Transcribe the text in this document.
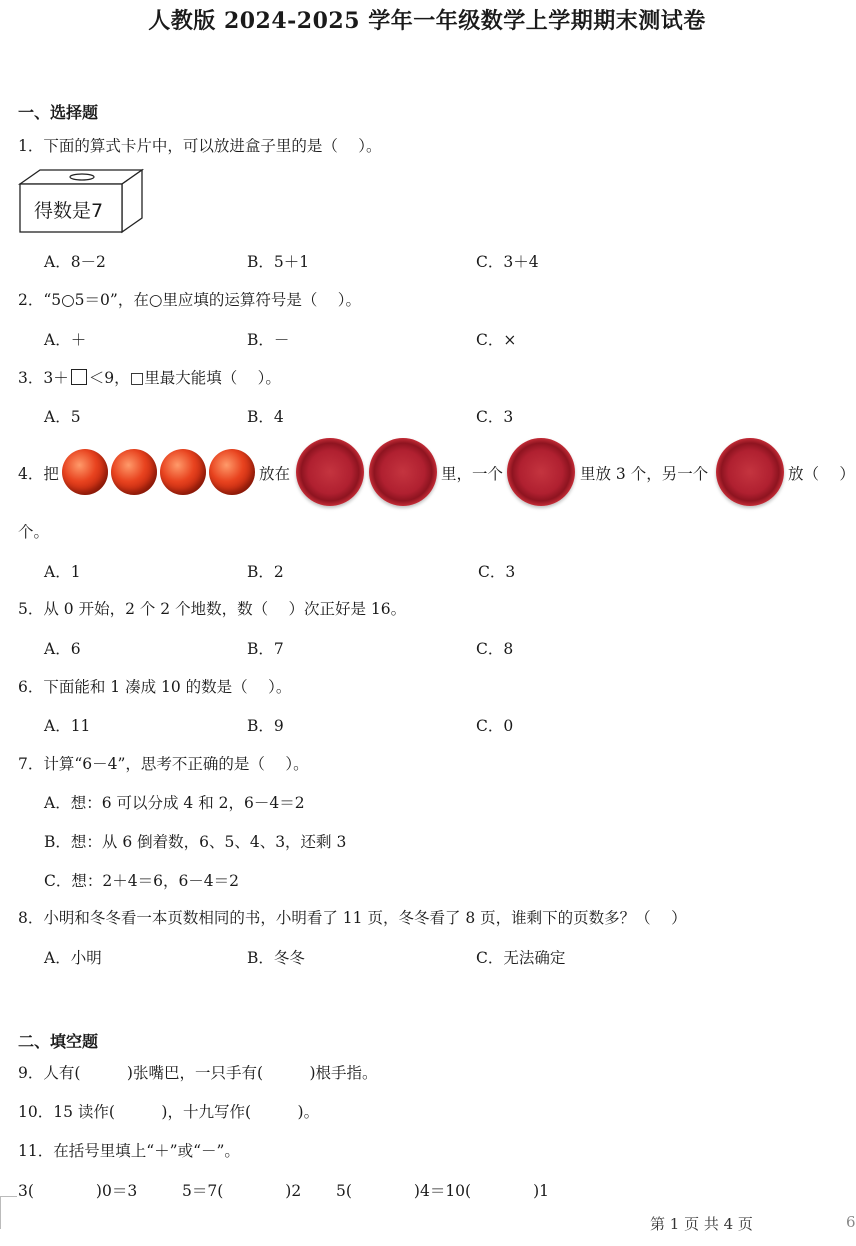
人教版 2024-2025 学年一年级数学上学期期末测试卷
一、选择题
1．下面的算式卡片中，可以放进盒子里的是（　 ）。
得数是7
A．8－2	B．5＋1	C．3＋4
2．“5○5＝0”，在○里应填的运算符号是（　 ）。
A．＋	B．－	C．×
3．3＋ ＜9，□里最大能填（　 ）。
A．5	B．4	C．3
4．把	放在	里，一个	里放 3 个，另一个	放（　 ）
个。
A．1	B．2	C．3
5．从 0 开始，2 个 2 个地数，数（　 ）次正好是 16。
A．6	B．7	C．8
6．下面能和 1 凑成 10 的数是（　 ）。
A．11	B．9	C．0
7．计算“6－4”，思考不正确的是（　 ）。
A．想：6 可以分成 4 和 2，6－4＝2
B．想：从 6 倒着数，6、5、4、3，还剩 3
C．想：2＋4＝6，6－4＝2
8．小明和冬冬看一本页数相同的书，小明看了 11 页，冬冬看了 8 页，谁剩下的页数多？（　 ）
A．小明	B．冬冬	C．无法确定
二、填空题
9．人有(　　　)张嘴巴，一只手有(　　　)根手指。
10．15 读作(　　　)，十九写作(　　　)。
11．在括号里填上“＋”或“－”。
3(　　　　)0＝3	5＝7(　　　　)2 5(　　　　)4＝10(　　　　)1
第 1 页 共 4 页	6
